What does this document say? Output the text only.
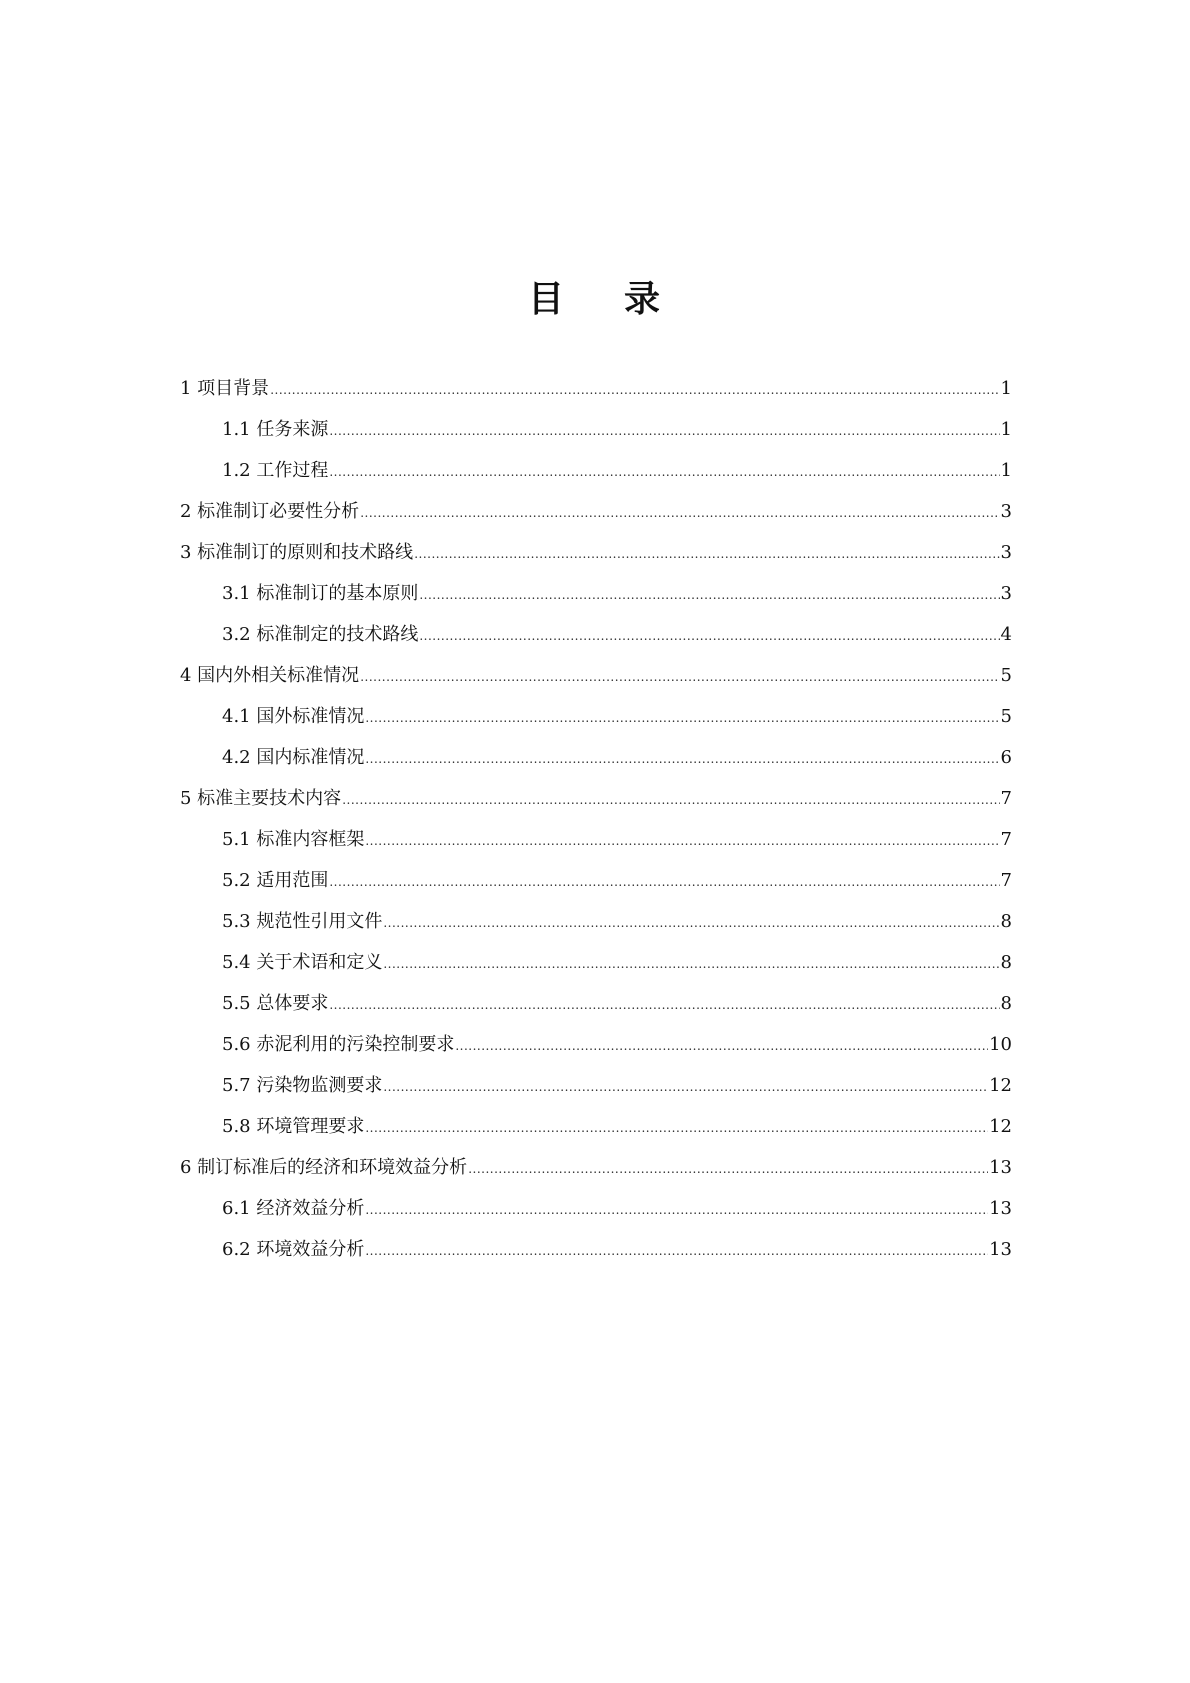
目 录
1 项目背景 .....	1
1.1 任务来源 .....	1
1.2 工作过程 .....	1
2 标准制订必要性分析 .....	3
3 标准制订的原则和技术路线 .....	3
3.1 标准制订的基本原则 .....	3
3.2 标准制定的技术路线 .....	4
4 国内外相关标准情况 .....	5
4.1 国外标准情况 .....	5
4.2 国内标准情况 .....	6
5 标准主要技术内容 .....	7
5.1 标准内容框架 .....	7
5.2 适用范围 .....	7
5.3 规范性引用文件 .....	8
5.4 关于术语和定义 .....	8
5.5 总体要求 .....	8
5.6 赤泥利用的污染控制要求 .....	10
5.7 污染物监测要求 .....	12
5.8 环境管理要求 .....	12
6 制订标准后的经济和环境效益分析 .....	13
6.1 经济效益分析 .....	13
6.2 环境效益分析 .....	13
